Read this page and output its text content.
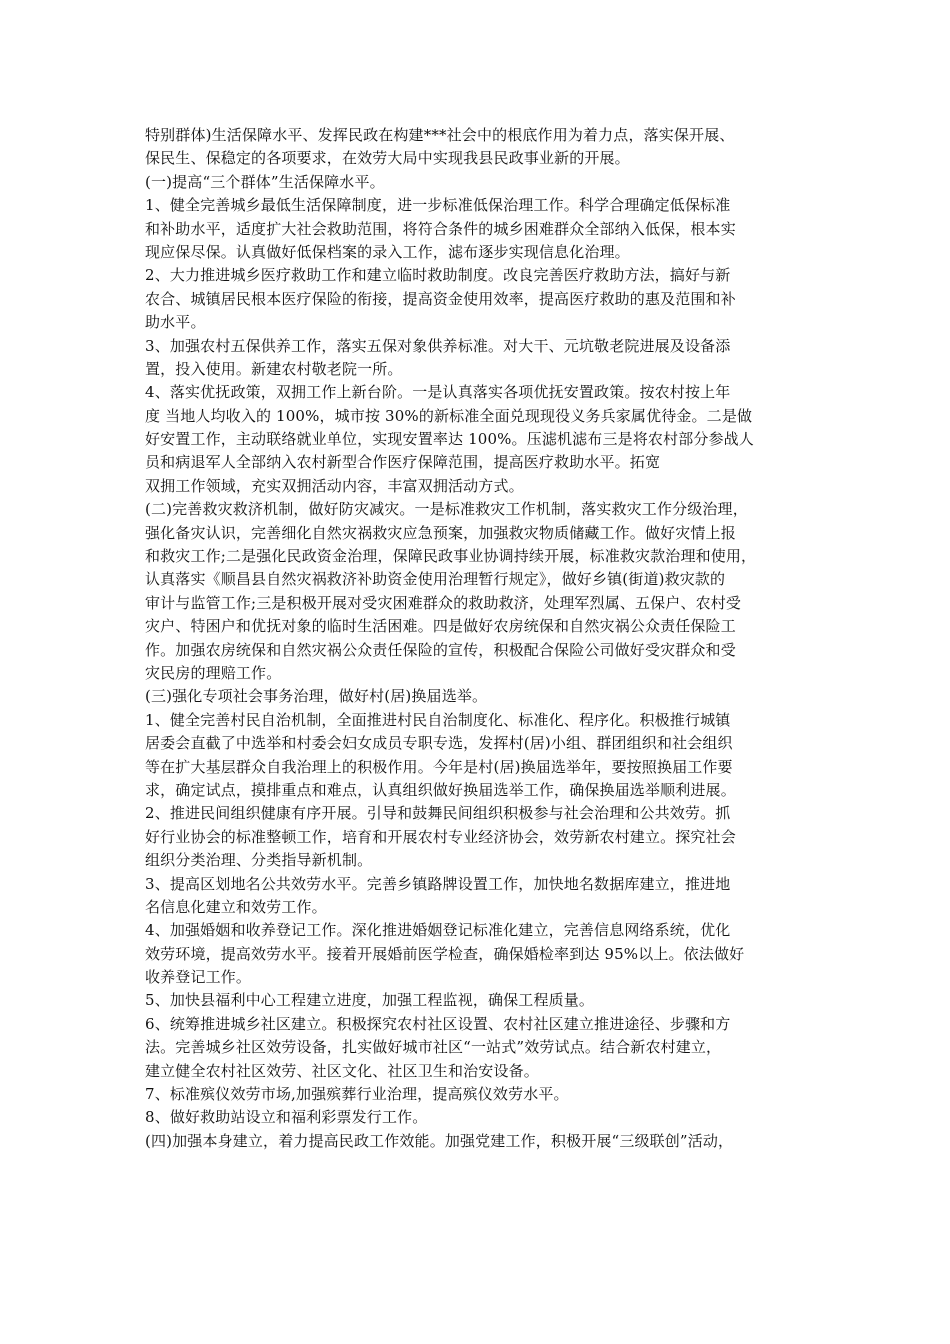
特别群体)生活保障水平、发挥民政在构建***社会中的根底作用为着力点，落实保开展、
保民生、保稳定的各项要求，在效劳大局中实现我县民政事业新的开展。
(一)提高“三个群体”生活保障水平。
1、健全完善城乡最低生活保障制度，进一步标准低保治理工作。科学合理确定低保标准
和补助水平，适度扩大社会救助范围，将符合条件的城乡困难群众全部纳入低保，根本实
现应保尽保。认真做好低保档案的录入工作，滤布逐步实现信息化治理。
2、大力推进城乡医疗救助工作和建立临时救助制度。改良完善医疗救助方法，搞好与新
农合、城镇居民根本医疗保险的衔接，提高资金使用效率，提高医疗救助的惠及范围和补
助水平。
3、加强农村五保供养工作，落实五保对象供养标准。对大干、元坑敬老院进展及设备添
置，投入使用。新建农村敬老院一所。
4、落实优抚政策，双拥工作上新台阶。一是认真落实各项优抚安置政策。按农村按上年
度 当地人均收入的 100%，城市按 30%的新标准全面兑现现役义务兵家属优待金。二是做
好安置工作，主动联络就业单位，实现安置率达 100%。压滤机滤布三是将农村部分参战人
员和病退军人全部纳入农村新型合作医疗保障范围，提高医疗救助水平。拓宽
双拥工作领域，充实双拥活动内容，丰富双拥活动方式。
(二)完善救灾救济机制，做好防灾减灾。一是标准救灾工作机制，落实救灾工作分级治理，
强化备灾认识，完善细化自然灾祸救灾应急预案，加强救灾物质储藏工作。做好灾情上报
和救灾工作;二是强化民政资金治理，保障民政事业协调持续开展，标准救灾款治理和使用，
认真落实《顺昌县自然灾祸救济补助资金使用治理暂行规定》，做好乡镇(街道)救灾款的
审计与监管工作;三是积极开展对受灾困难群众的救助救济，处理军烈属、五保户、农村受
灾户、特困户和优抚对象的临时生活困难。四是做好农房统保和自然灾祸公众责任保险工
作。加强农房统保和自然灾祸公众责任保险的宣传，积极配合保险公司做好受灾群众和受
灾民房的理赔工作。
(三)强化专项社会事务治理，做好村(居)换届选举。
1、健全完善村民自治机制，全面推进村民自治制度化、标准化、程序化。积极推行城镇
居委会直截了中选举和村委会妇女成员专职专选，发挥村(居)小组、群团组织和社会组织
等在扩大基层群众自我治理上的积极作用。今年是村(居)换届选举年，要按照换届工作要
求，确定试点，摸排重点和难点，认真组织做好换届选举工作，确保换届选举顺利进展。
2、推进民间组织健康有序开展。引导和鼓舞民间组织积极参与社会治理和公共效劳。抓
好行业协会的标准整顿工作，培育和开展农村专业经济协会，效劳新农村建立。探究社会
组织分类治理、分类指导新机制。
3、提高区划地名公共效劳水平。完善乡镇路牌设置工作，加快地名数据库建立，推进地
名信息化建立和效劳工作。
4、加强婚姻和收养登记工作。深化推进婚姻登记标准化建立，完善信息网络系统，优化
效劳环境，提高效劳水平。接着开展婚前医学检查，确保婚检率到达 95%以上。依法做好
收养登记工作。
5、加快县福利中心工程建立进度，加强工程监视，确保工程质量。
6、统筹推进城乡社区建立。积极探究农村社区设置、农村社区建立推进途径、步骤和方
法。完善城乡社区效劳设备，扎实做好城市社区“一站式”效劳试点。结合新农村建立，
建立健全农村社区效劳、社区文化、社区卫生和治安设备。
7、标准殡仪效劳市场,加强殡葬行业治理，提高殡仪效劳水平。
8、做好救助站设立和福利彩票发行工作。
(四)加强本身建立，着力提高民政工作效能。加强党建工作，积极开展“三级联创”活动，
